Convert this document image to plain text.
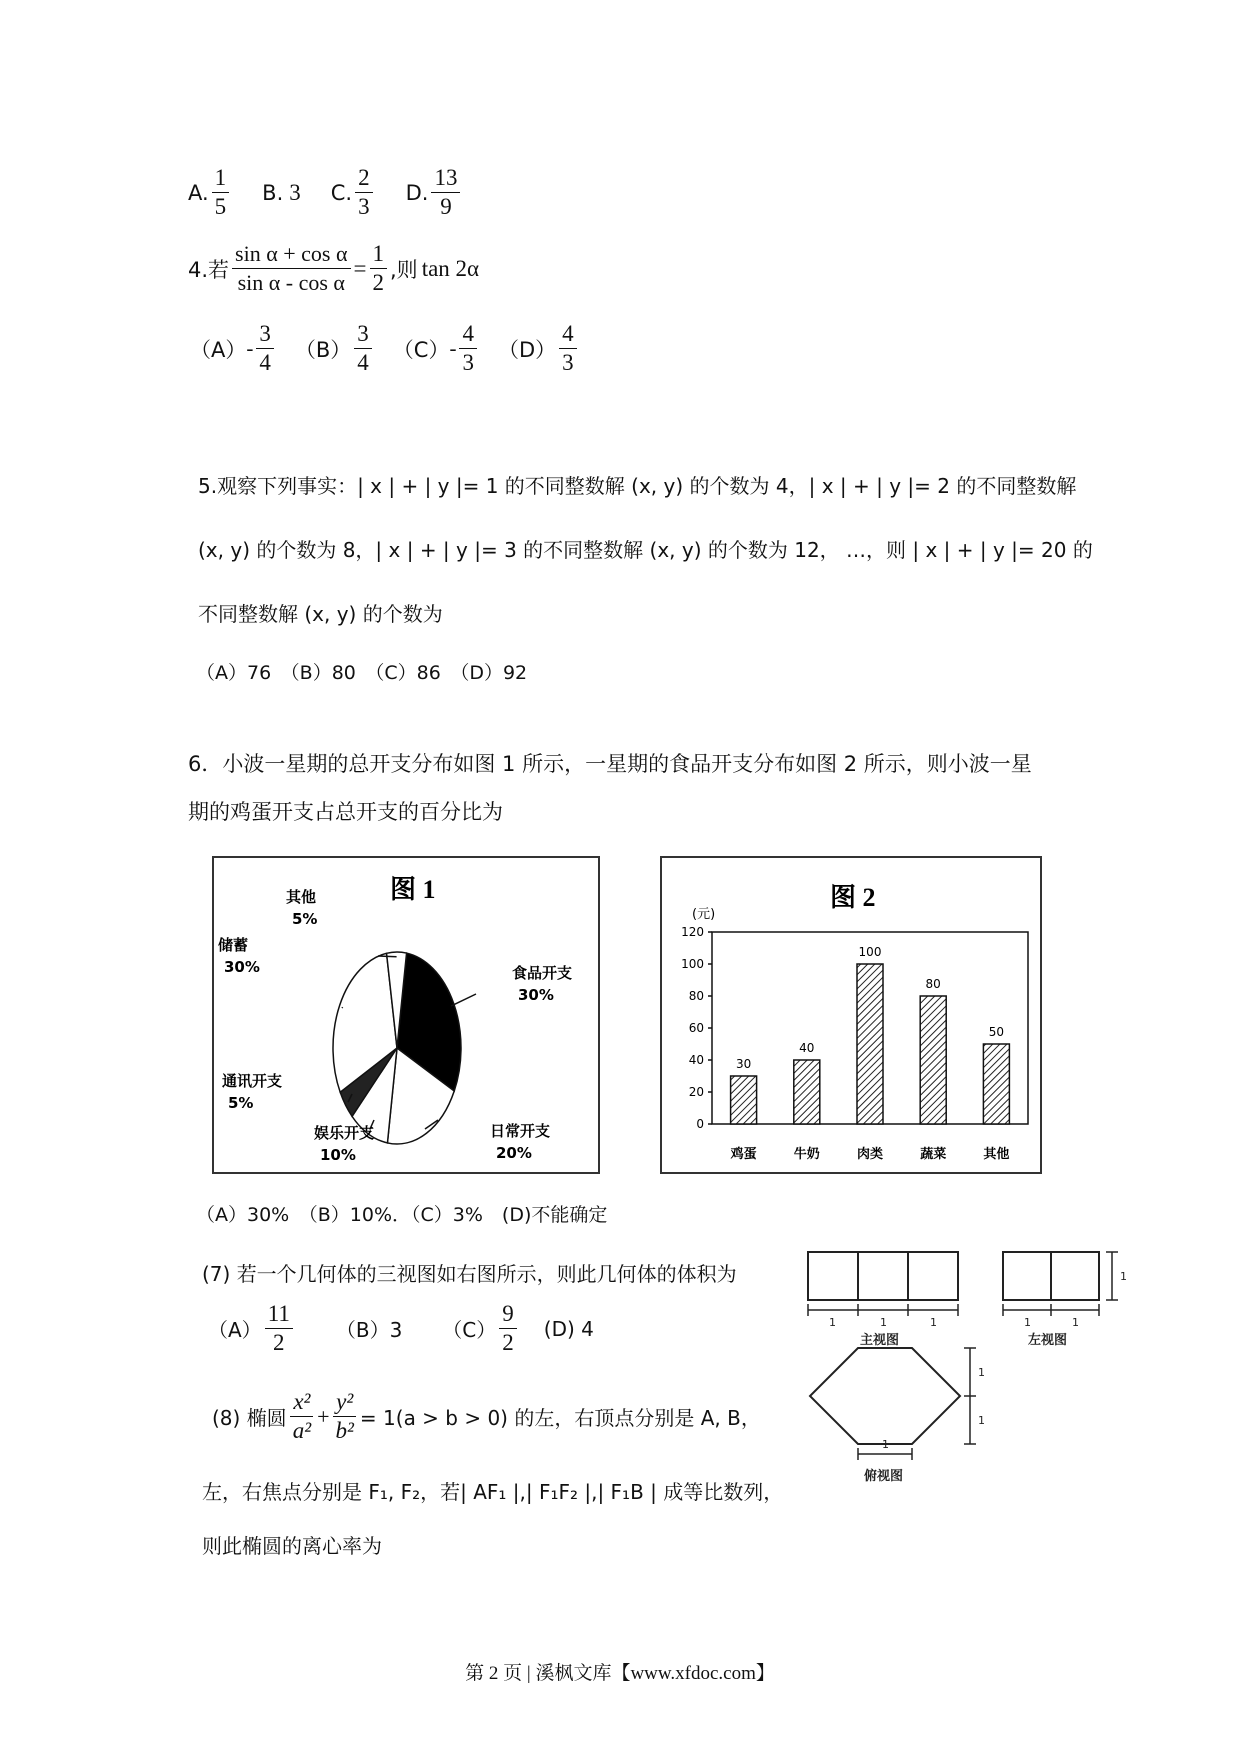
A. $\frac{1}{5} B$. 3 C. $\frac{2}{3} D$. $\frac{13}{9}$
4.若 $\frac{\text{sin α + cos α}}{\text{sin α - cos α}} = \frac{1}{2}$ ,则 tan 2α
$(A) - \frac{3}{4} (B) \frac{3}{4} (C) - \frac{4}{3} (D) \frac{4}{3}$
5.观察下列事实：| x | + | y |= 1 的不同整数解 (x, y) 的个数为 4，| x | + | y |= 2 的不同整数解
(x, y) 的个数为 8，| x | + | y |= 3 的不同整数解 (x, y) 的个数为 12， …，则 | x | + | y |= 20 的
不同整数解 (x, y) 的个数为
（A）76　（B）80　（C）86　（D）92
6．小波一星期的总开支分布如图 1 所示，一星期的食品开支分布如图 2 所示，则小波一星
期的鸡蛋开支占总开支的百分比为
图 1
食品开支
30%
日常开支
20%
娱乐开支
10%
通讯开支
5%
储蓄
30%
其他
5%
图 2
(元)
0
20
40
60
80
100
120
30
鸡蛋
40
牛奶
100
肉类
80
蔬菜
50
其他
（A）30%　（B）10%．（C）3%　(D)不能确定
(7) 若一个几何体的三视图如右图所示，则此几何体的体积为
$(A) \frac{11}{2} (B)3$ $(C) \frac{9}{2} (D)$ 4	1	1	1	1	1
1
1
1
1
主视图	左视图
俯视图
(8) 椭圆 $\frac{\text{x²}}{\text{a²}} + \frac{\text{y²}}{\text{b²}} = 1(a > b > 0)$ 的左，右顶点分别是 A, B，
左，右焦点分别是 F₁, F₂，若| AF₁ |,| F₁F₂ |,| F₁B | 成等比数列，
则此椭圆的离心率为
第 2 页 | 溪枫文库【www.xfdoc.com】
